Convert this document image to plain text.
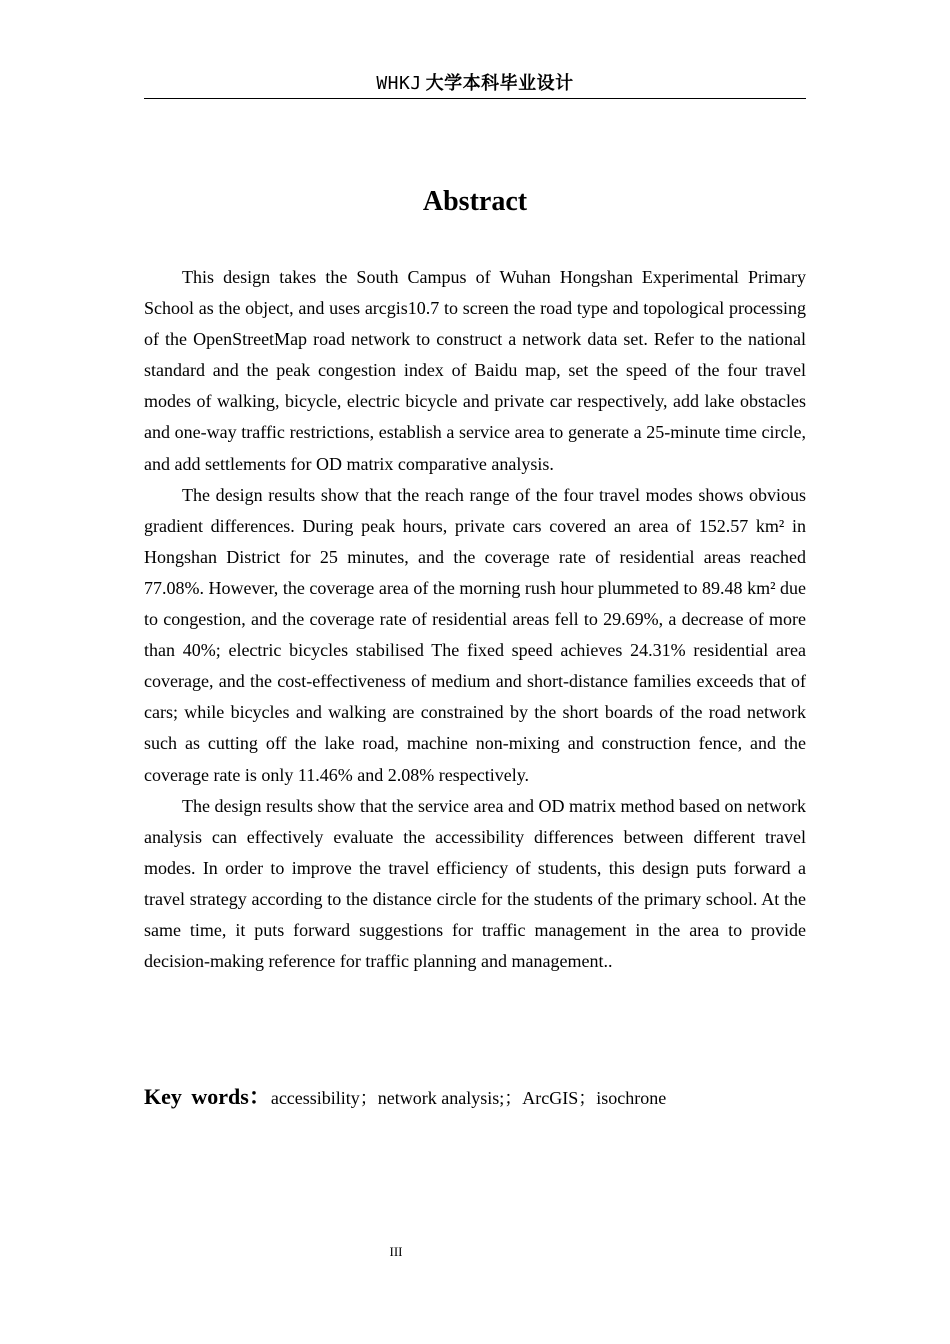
WHKJ 大学本科毕业设计
Abstract

This design takes the South Campus of Wuhan Hongshan Experimental Primary School as the object, and uses arcgis10.7 to screen the road type and topological processing of the OpenStreetMap road network to construct a network data set. Refer to the national standard and the peak congestion index of Baidu map, set the speed of the four travel modes of walking, bicycle, electric bicycle and private car respectively, add lake obstacles and one-way traffic restrictions, establish a service area to generate a 25-minute time circle, and add settlements for OD matrix comparative analysis.

The design results show that the reach range of the four travel modes shows obvious gradient differences. During peak hours, private cars covered an area of 152.57 km² in Hongshan District for 25 minutes, and the coverage rate of residential areas reached 77.08%. However, the coverage area of the morning rush hour plummeted to 89.48 km² due to congestion, and the coverage rate of residential areas fell to 29.69%, a decrease of more than 40%; electric bicycles stabilised The fixed speed achieves 24.31% residential area coverage, and the cost-effectiveness of medium and short-distance families exceeds that of cars; while bicycles and walking are constrained by the short boards of the road network such as cutting off the lake road, machine non-mixing and construction fence, and the coverage rate is only 11.46% and 2.08% respectively.

The design results show that the service area and OD matrix method based on network analysis can effectively evaluate the accessibility differences between different travel modes. In order to improve the travel efficiency of students, this design puts forward a travel strategy according to the distance circle for the students of the primary school. At the same time, it puts forward suggestions for traffic management in the area to provide decision-making reference for traffic planning and management..

Key words：accessibility；network analysis;；ArcGIS；isochrone
III
